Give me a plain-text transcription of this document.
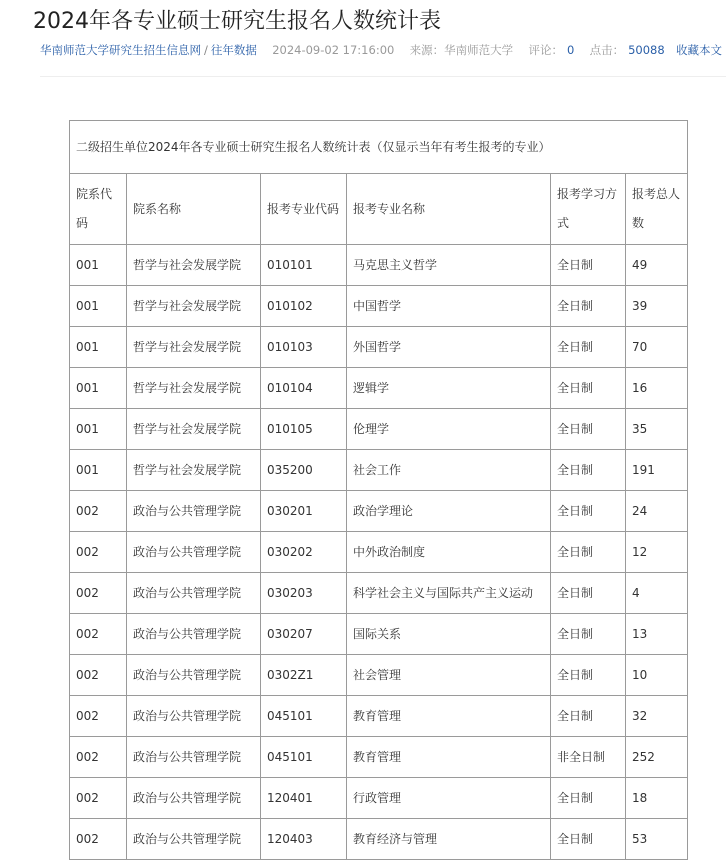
2024年各专业硕士研究生报名人数统计表
华南师范大学研究生招生信息网 / 往年数据 2024-09-02 17:16:00 来源：华南师范大学 评论： 0 点击： 50088 收藏本文
二级招生单位2024年各专业硕士研究生报名人数统计表（仅显示当年有考生报考的专业）					
院系代码	院系名称	报考专业代码	报考专业名称	报考学习方式	报考总人数
001	哲学与社会发展学院	010101	马克思主义哲学	全日制	49
001	哲学与社会发展学院	010102	中国哲学	全日制	39
001	哲学与社会发展学院	010103	外国哲学	全日制	70
001	哲学与社会发展学院	010104	逻辑学	全日制	16
001	哲学与社会发展学院	010105	伦理学	全日制	35
001	哲学与社会发展学院	035200	社会工作	全日制	191
002	政治与公共管理学院	030201	政治学理论	全日制	24
002	政治与公共管理学院	030202	中外政治制度	全日制	12
002	政治与公共管理学院	030203	科学社会主义与国际共产主义运动	全日制	4
002	政治与公共管理学院	030207	国际关系	全日制	13
002	政治与公共管理学院	0302Z1	社会管理	全日制	10
002	政治与公共管理学院	045101	教育管理	全日制	32
002	政治与公共管理学院	045101	教育管理	非全日制	252
002	政治与公共管理学院	120401	行政管理	全日制	18
002	政治与公共管理学院	120403	教育经济与管理	全日制	53
